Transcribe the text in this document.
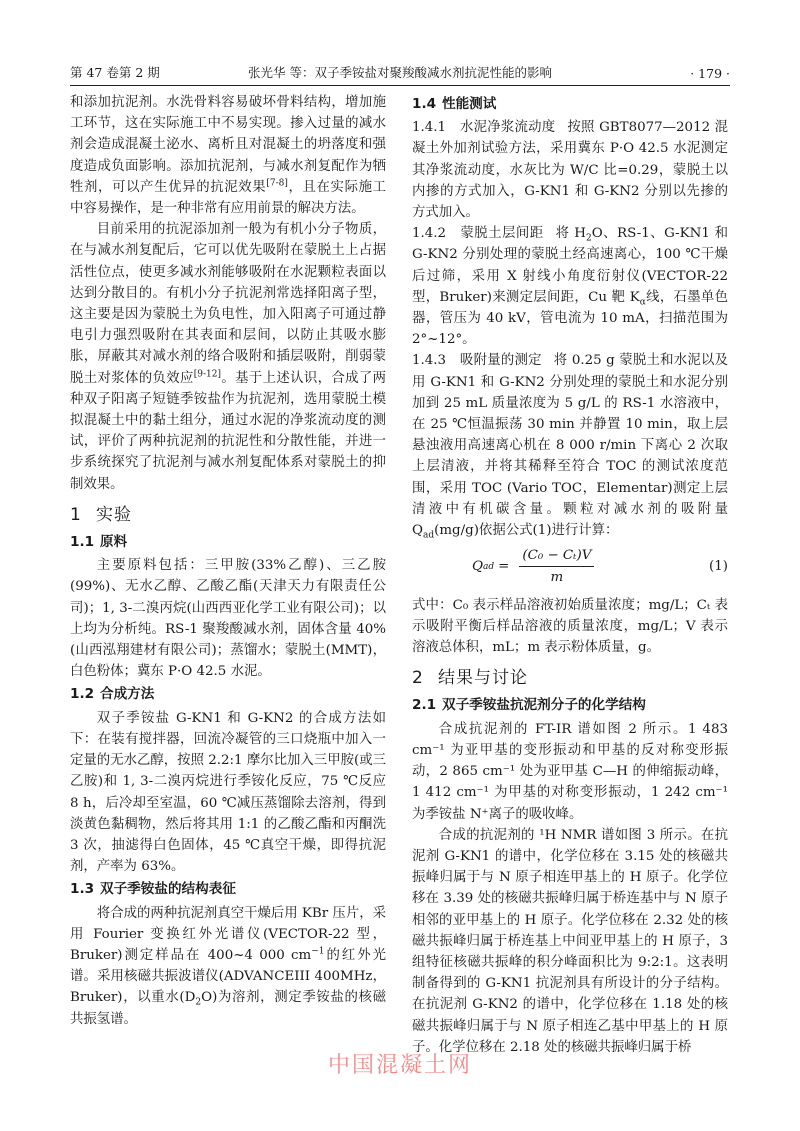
第 47 卷第 2 期	张光华 等：双子季铵盐对聚羧酸减水剂抗泥性能的影响	· 179 ·

和添加抗泥剂。水洗骨料容易破坏骨料结构，增加施工环节，这在实际施工中不易实现。掺入过量的减水剂会造成混凝土泌水、离析且对混凝土的坍落度和强度造成负面影响。添加抗泥剂，与减水剂复配作为牺牲剂，可以产生优异的抗泥效果[7-8]，且在实际施工中容易操作，是一种非常有应用前景的解决方法。

目前采用的抗泥添加剂一般为有机小分子物质，在与减水剂复配后，它可以优先吸附在蒙脱土上占据活性位点，使更多减水剂能够吸附在水泥颗粒表面以达到分散目的。有机小分子抗泥剂常选择阳离子型，这主要是因为蒙脱土为负电性，加入阳离子可通过静电引力强烈吸附在其表面和层间，以防止其吸水膨胀，屏蔽其对减水剂的络合吸附和插层吸附，削弱蒙脱土对浆体的负效应[9-12]。基于上述认识，合成了两种双子阳离子短链季铵盐作为抗泥剂，选用蒙脱土模拟混凝土中的黏土组分，通过水泥的净浆流动度的测试，评价了两种抗泥剂的抗泥性和分散性能，并进一步系统探究了抗泥剂与减水剂复配体系对蒙脱土的抑制效果。

1 实验
1.1 原料

主要原料包括：三甲胺(33%乙醇)、三乙胺(99%)、无水乙醇、乙酸乙酯(天津天力有限责任公司)；1, 3-二溴丙烷(山西西亚化学工业有限公司)；以上均为分析纯。RS-1 聚羧酸减水剂，固体含量 40%(山西泓翔建材有限公司)；蒸馏水；蒙脱土(MMT)，白色粉体；冀东 P·O 42.5 水泥。

1.2 合成方法

双子季铵盐 G-KN1 和 G-KN2 的合成方法如下：在装有搅拌器，回流冷凝管的三口烧瓶中加入一定量的无水乙醇，按照 2.2:1 摩尔比加入三甲胺(或三乙胺)和 1, 3-二溴丙烷进行季铵化反应，75 ℃反应 8 h，后冷却至室温，60 ℃减压蒸馏除去溶剂，得到淡黄色黏稠物，然后将其用 1:1 的乙酸乙酯和丙酮洗 3 次，抽滤得白色固体，45 ℃真空干燥，即得抗泥剂，产率为 63%。

1.3 双子季铵盐的结构表征

将合成的两种抗泥剂真空干燥后用 KBr 压片，采用 Fourier 变换红外光谱仪(VECTOR-22 型，Bruker)测定样品在 400~4 000 $cm^{-1}$的红外光谱。采用核磁共振波谱仪(ADVANCEIII 400MHz，Bruker)，以重水$(D_2O)$为溶剂，测定季铵盐的核磁共振氢谱。

1.4 性能测试

1.4.1　水泥净浆流动度 按照 GBT8077—2012 混凝土外加剂试验方法，采用冀东 P·O 42.5 水泥测定其净浆流动度，水灰比为 W/C 比=0.29，蒙脱土以内掺的方式加入，G-KN1 和 G-KN2 分别以先掺的方式加入。

1.4.2　蒙脱土层间距 将 $H_2O$、RS-1、G-KN1 和 G-KN2 分别处理的蒙脱土经高速离心，100 ℃干燥后过筛，采用 X 射线小角度衍射仪(VECTOR-22 型，Bruker)来测定层间距，Cu 靶 $K_\alpha$线，石墨单色器，管压为 40 kV，管电流为 10 mA，扫描范围为 2°~12°。

1.4.3　吸附量的测定 将 0.25 g 蒙脱土和水泥以及用 G-KN1 和 G-KN2 分别处理的蒙脱土和水泥分别加到 25 mL 质量浓度为 5 g/L 的 RS-1 水溶液中，在 25 ℃恒温振荡 30 min 并静置 10 min，取上层悬浊液用高速离心机在 8 000 r/min 下离心 2 次取上层清液，并将其稀释至符合 TOC 的测试浓度范围，采用 TOC (Vario TOC，Elementar)测定上层清液中有机碳含量。颗粒对减水剂的吸附量 $Q_{ad}(mg/g)$依据公式(1)进行计算：

Q ad = $\frac{\text{(C₀ − Cₜ)V}}{m}$	(1)

式中：C₀ 表示样品溶液初始质量浓度；mg/L；Cₜ 表示吸附平衡后样品溶液的质量浓度，mg/L；V 表示溶液总体积，mL；m 表示粉体质量，g。

2 结果与讨论
2.1 双子季铵盐抗泥剂分子的化学结构

合成抗泥剂的 FT-IR 谱如图 2 所示。1 483 cm⁻¹ 为亚甲基的变形振动和甲基的反对称变形振动，2 865 cm⁻¹ 处为亚甲基 C—H 的伸缩振动峰，1 412 cm⁻¹ 为甲基的对称变形振动，1 242 cm⁻¹ 为季铵盐 N⁺离子的吸收峰。

合成的抗泥剂的 ¹H NMR 谱如图 3 所示。在抗泥剂 G-KN1 的谱中，化学位移在 3.15 处的核磁共振峰归属于与 N 原子相连甲基上的 H 原子。化学位移在 3.39 处的核磁共振峰归属于桥连基中与 N 原子相邻的亚甲基上的 H 原子。化学位移在 2.32 处的核磁共振峰归属于桥连基上中间亚甲基上的 H 原子，3 组特征核磁共振峰的积分峰面积比为 9:2:1。这表明制备得到的 G-KN1 抗泥剂具有所设计的分子结构。在抗泥剂 G-KN2 的谱中，化学位移在 1.18 处的核磁共振峰归属于与 N 原子相连乙基中甲基上的 H 原子。化学位移在 2.18 处的核磁共振峰归属于桥

中国混凝土网
